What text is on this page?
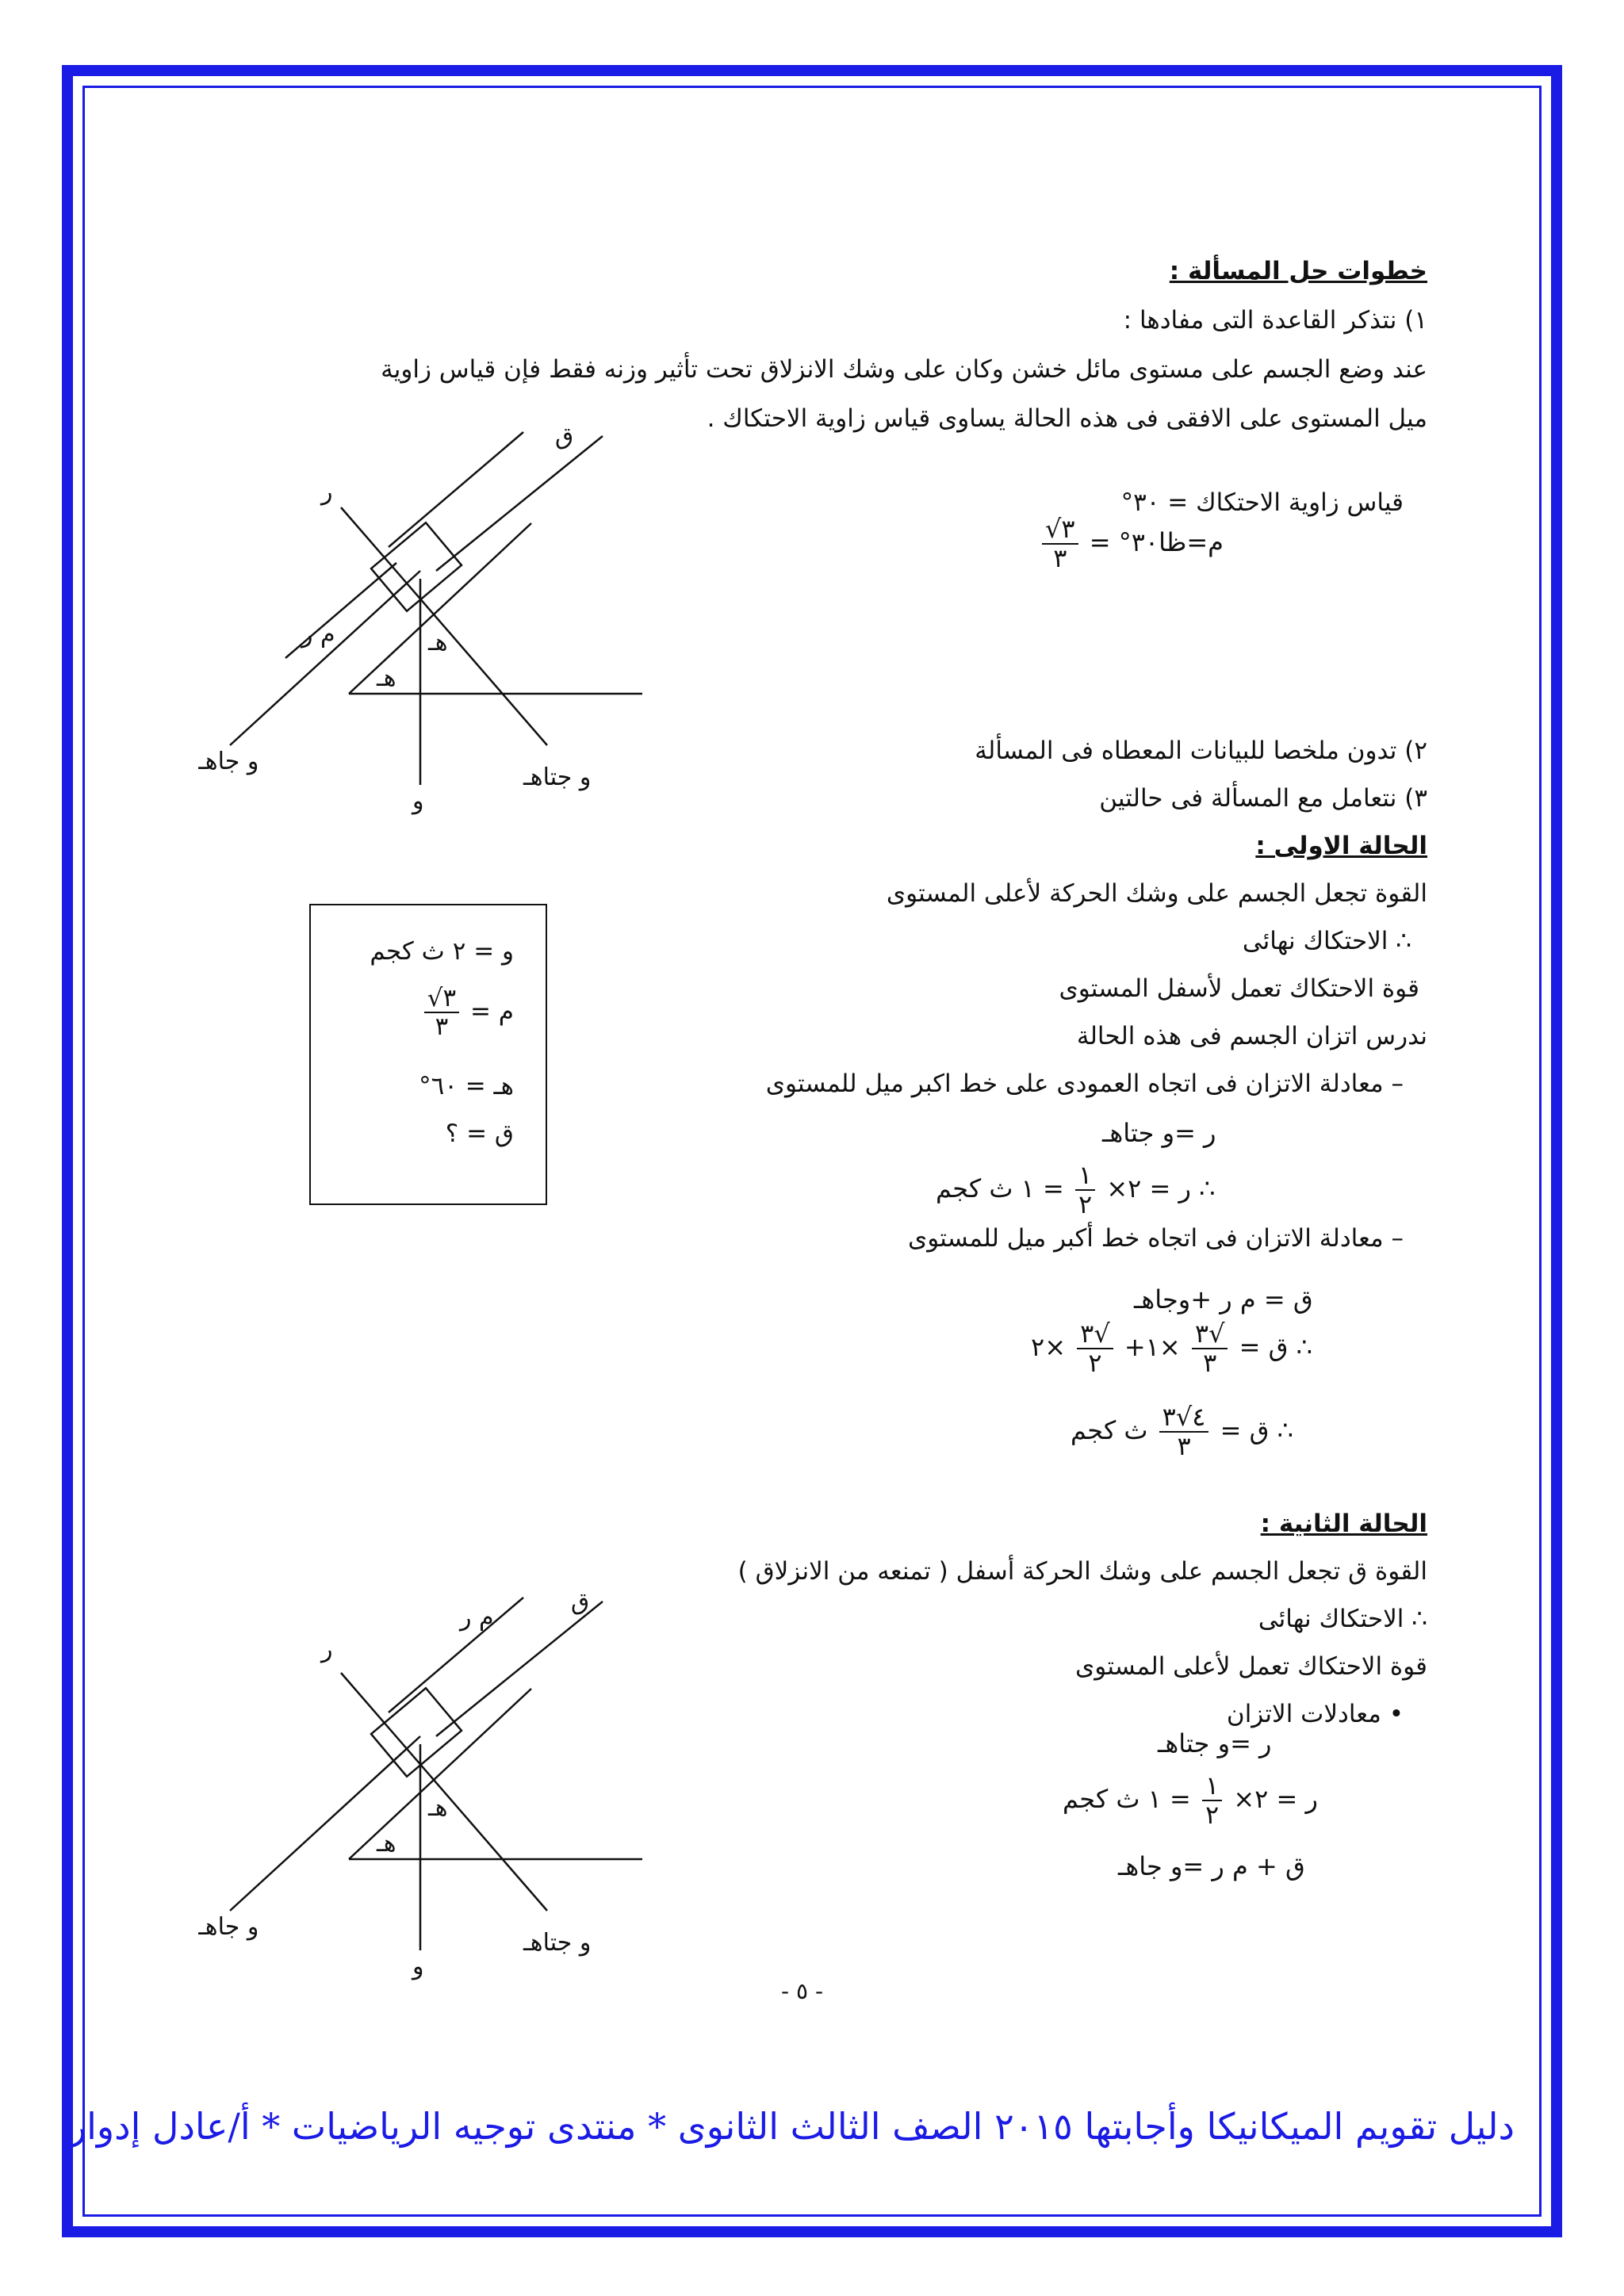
خطوات حل المسألة :
١) نتذكر القاعدة التى مفادها :
عند وضع الجسم على مستوى مائل خشن وكان على وشك الانزلاق تحت تأثير وزنه فقط فإن قياس زاوية
ميل المستوى على الافقى فى هذه الحالة يساوى قياس زاوية الاحتكاك .
قياس زاوية الاحتكاك = ٣٠°
٢) تدون ملخصا للبيانات المعطاه فى المسألة
٣) نتعامل مع المسألة فى حالتين
الحالة الاولى :
القوة تجعل الجسم على وشك الحركة لأعلى المستوى
∴ الاحتكاك نهائى
قوة الاحتكاك تعمل لأسفل المستوى
ندرس اتزان الجسم فى هذه الحالة
– معادلة الاتزان فى اتجاه العمودى على خط اكبر ميل للمستوى
– معادلة الاتزان فى اتجاه خط أكبر ميل للمستوى
الحالة الثانية :
القوة ق تجعل الجسم على وشك الحركة أسفل ( تمنعه من الانزلاق )
∴ الاحتكاك نهائى
قوة الاحتكاك تعمل لأعلى المستوى
• معادلات الاتزان
$\frac{√٣}{٣}$ م=ظا٣٠° =
ر =و جتاهـ
∴ ر = ٢×
$\frac{١}{٢}$
= ١ ث كجم
ق = م ر +وجاهـ
∴ ق =
$\frac{√٣}{٣}$
×١+
$\frac{√٣}{٢}$
×٢
∴ ق =
$\frac{٤√٣}{٣}$
ث كجم
ر =و جتاهـ
ر = ٢×
$\frac{١}{٢}$
= ١ ث كجم
ق + م ر =و جاهـ
و = ٢ ث كجم
$\frac{√٣}{٣}$ م =
هـ = ٦٠°
ق = ؟
ق
ر
م ر
و
و جاهـ
و جتاهـ
هـ
هـ
ق
م ر
ر
و
و جاهـ
و جتاهـ
هـ
هـ
- ٥ -
دليل تقويم الميكانيكا وأجابتها ٢٠١٥ الصف الثالث الثانوى * منتدى توجيه الرياضيات * أ/عادل إدوار
